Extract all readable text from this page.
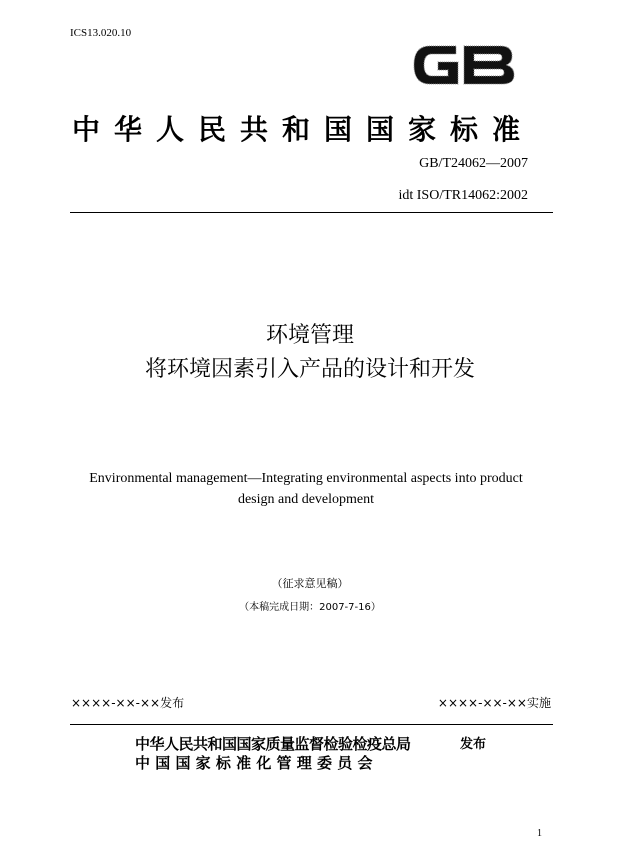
ICS13.020.10
中华人民共和国国家标准
GB/T24062—2007
idt ISO/TR14062:2002
环境管理
将环境因素引入产品的设计和开发
Environmental management—Integrating environmental aspects into product
design and development
（征求意见稿）
（本稿完成日期：2007-7-16）
××××-××-××发布	××××-××-××实施
中华人民共和国国家质量监督检验检疫总局
中 国 国 家 标 准 化 管 理 委 员 会
发布
1
